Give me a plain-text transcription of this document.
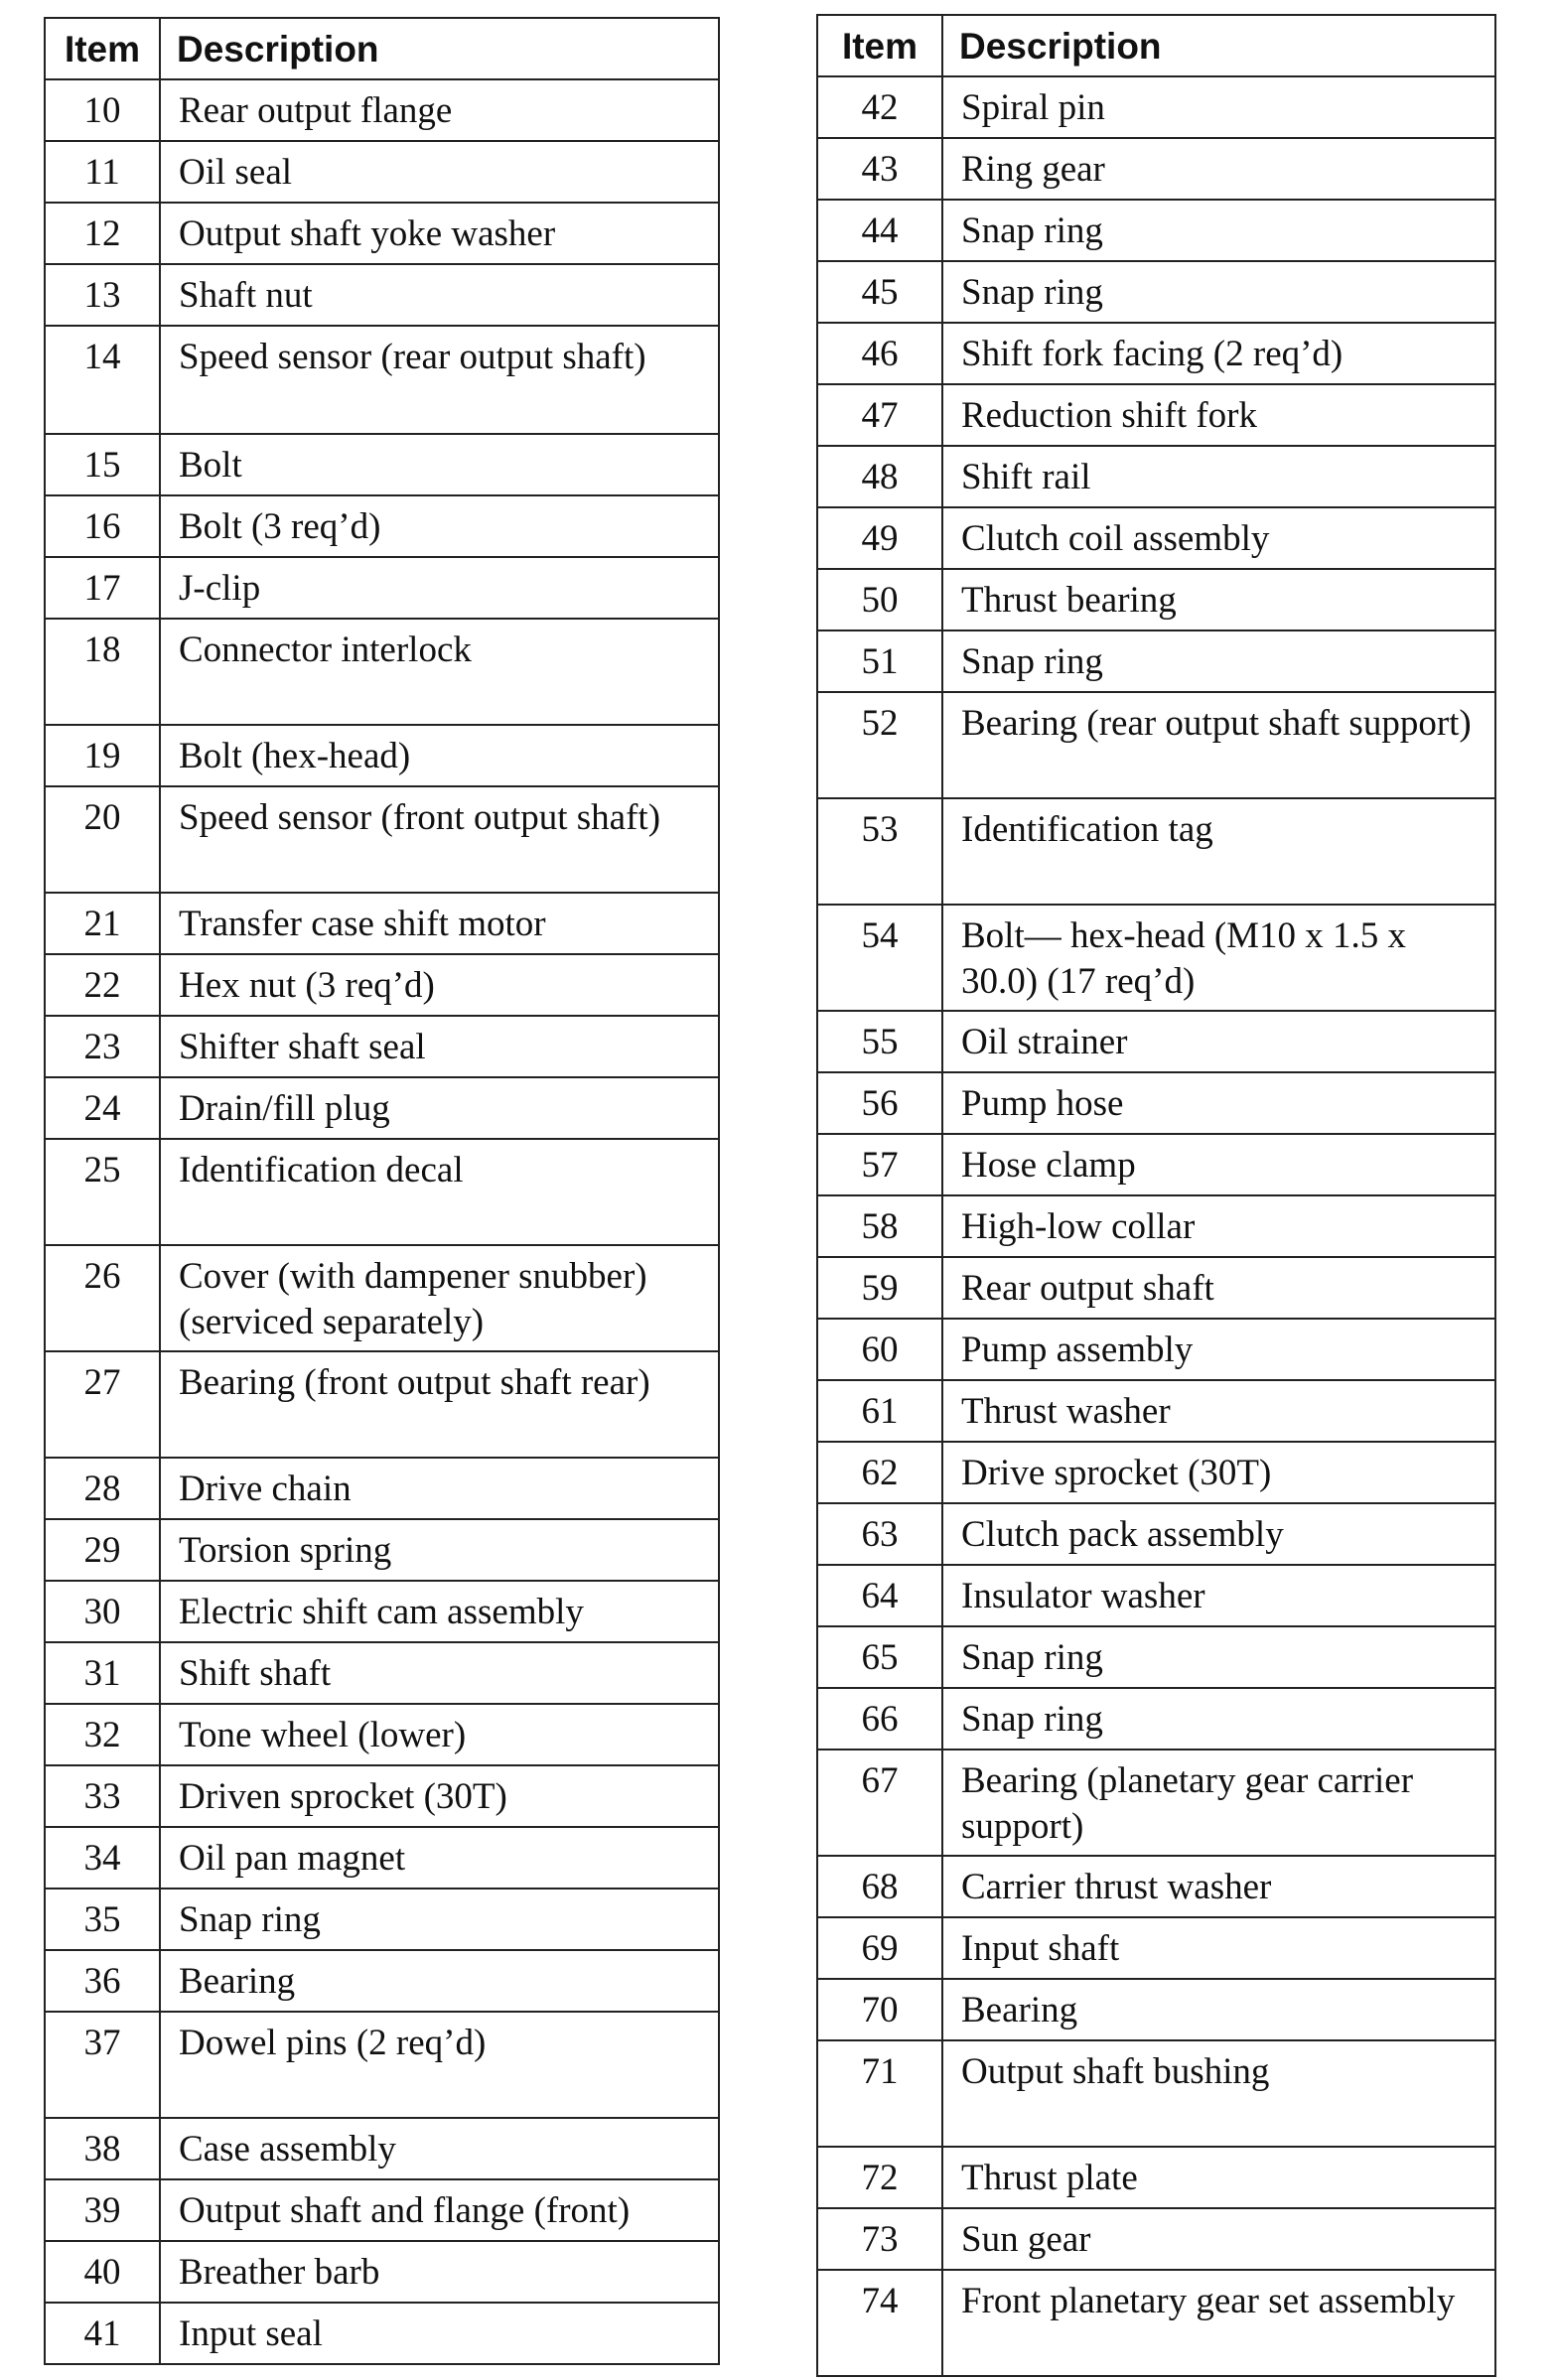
Item	Description
10	Rear output flange
11	Oil seal
12	Output shaft yoke washer
13	Shaft nut
14	Speed sensor (rear output shaft)
15	Bolt
16	Bolt (3 req’d)
17	J-clip
18	Connector interlock
19	Bolt (hex-head)
20	Speed sensor (front output shaft)
21	Transfer case shift motor
22	Hex nut (3 req’d)
23	Shifter shaft seal
24	Drain/fill plug
25	Identification decal
26	Cover (with dampener snubber) (serviced separately)
27	Bearing (front output shaft rear)
28	Drive chain
29	Torsion spring
30	Electric shift cam assembly
31	Shift shaft
32	Tone wheel (lower)
33	Driven sprocket (30T)
34	Oil pan magnet
35	Snap ring
36	Bearing
37	Dowel pins (2 req’d)
38	Case assembly
39	Output shaft and flange (front)
40	Breather barb
41	Input seal
Item	Description
42	Spiral pin
43	Ring gear
44	Snap ring
45	Snap ring
46	Shift fork facing (2 req’d)
47	Reduction shift fork
48	Shift rail
49	Clutch coil assembly
50	Thrust bearing
51	Snap ring
52	Bearing (rear output shaft support)
53	Identification tag
54	Bolt— hex-head (M10 x 1.5 x 30.0) (17 req’d)
55	Oil strainer
56	Pump hose
57	Hose clamp
58	High-low collar
59	Rear output shaft
60	Pump assembly
61	Thrust washer
62	Drive sprocket (30T)
63	Clutch pack assembly
64	Insulator washer
65	Snap ring
66	Snap ring
67	Bearing (planetary gear carrier support)
68	Carrier thrust washer
69	Input shaft
70	Bearing
71	Output shaft bushing
72	Thrust plate
73	Sun gear
74	Front planetary gear set assembly
